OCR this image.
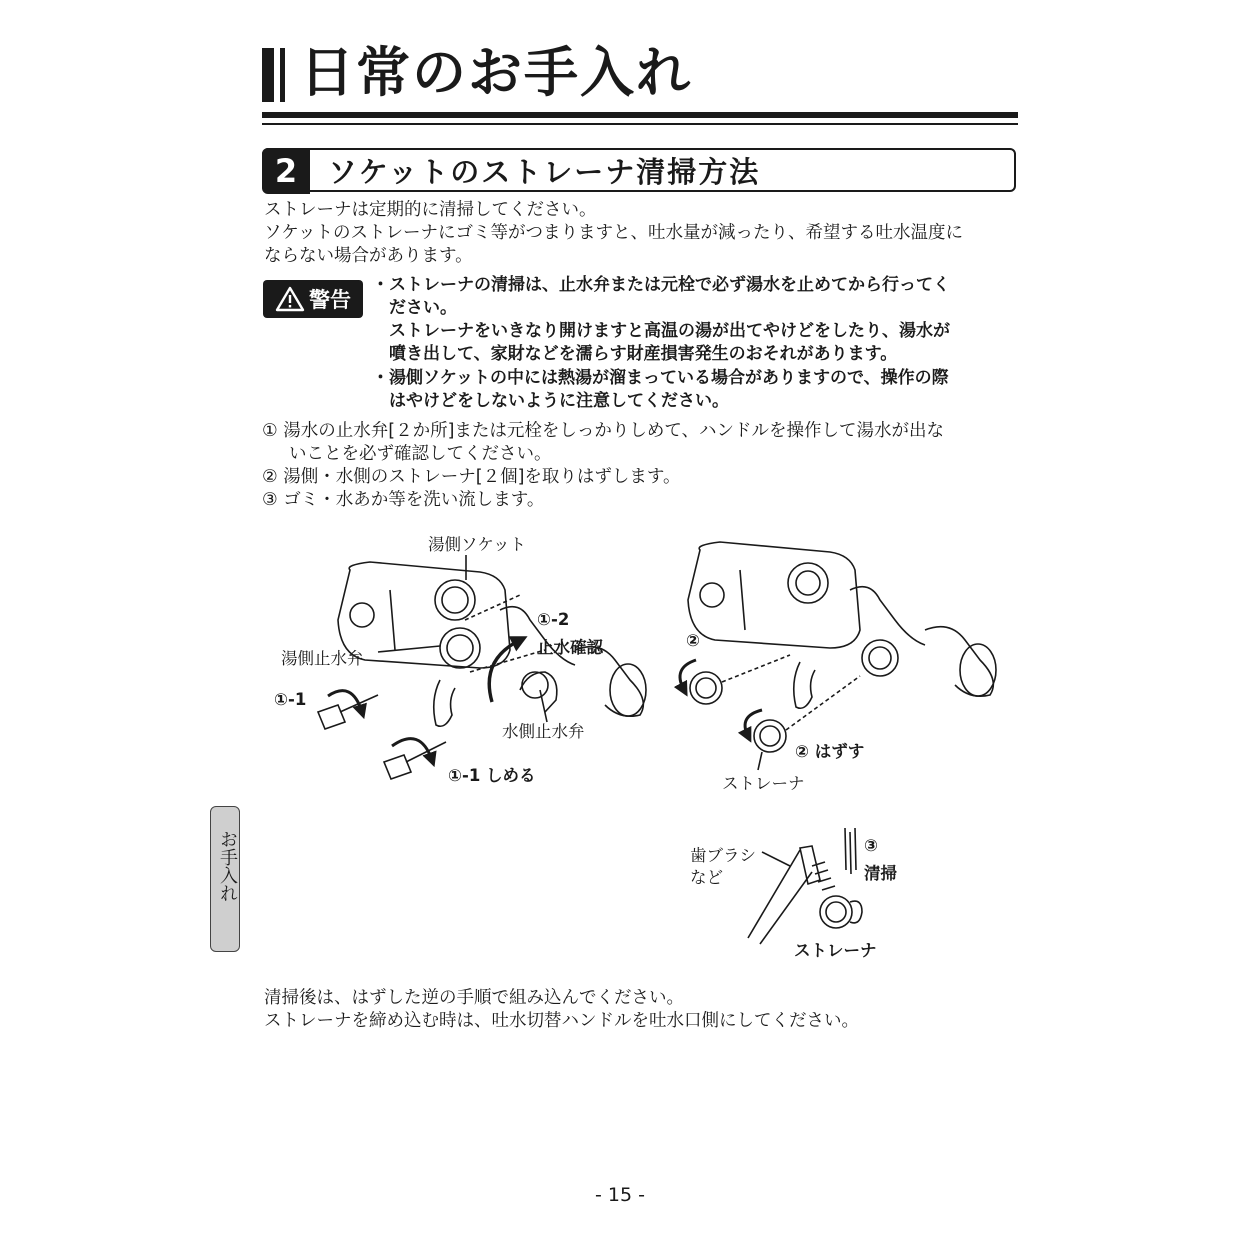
日常のお手入れ
2	ソケットのストレーナ清掃方法
ストレーナは定期的に清掃してください。
ソケットのストレーナにゴミ等がつまりますと、吐水量が減ったり、希望する吐水温度に
ならない場合があります。
警告
・ストレーナの清掃は、止水弁または元栓で必ず湯水を止めてから行ってく
ださい。
ストレーナをいきなり開けますと高温の湯が出てやけどをしたり、湯水が
噴き出して、家財などを濡らす財産損害発生のおそれがあります。
・湯側ソケットの中には熱湯が溜まっている場合がありますので、操作の際
はやけどをしないように注意してください。
① 湯水の止水弁[２か所]または元栓をしっかりしめて、ハンドルを操作して湯水が出な
いことを必ず確認してください。
② 湯側・水側のストレーナ[２個]を取りはずします。
③ ゴミ・水あか等を洗い流します。
湯側ソケット
湯側止水弁
①-2
止水確認
①-1
水側止水弁
①-1 しめる
②
② はずす
ストレーナ
歯ブラシ
など
③
清掃
ストレーナ
お手入れ
清掃後は、はずした逆の手順で組み込んでください。
ストレーナを締め込む時は、吐水切替ハンドルを吐水口側にしてください。
- 15 -
